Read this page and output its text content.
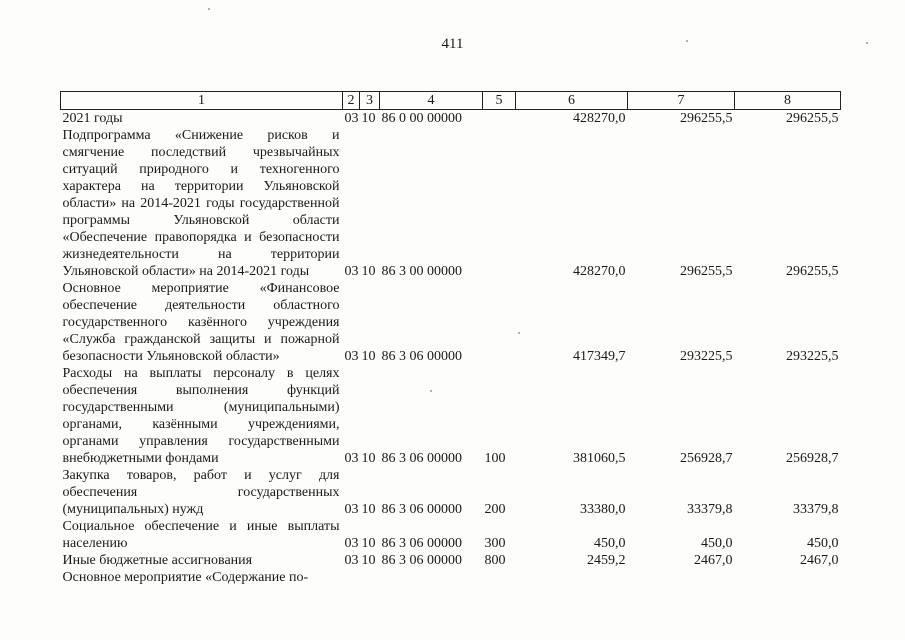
411
1	2	3	4	5	6	7	8
2021 годы	03	10	86 0 00 00000		428270,0	296255,5	296255,5
Подпрограмма «Снижение рисков и смягчение последствий чрезвычайных ситуаций природного и техногенного характера на территории Ульяновской области» на 2014-2021 годы государственной программы Ульяновской области «Обеспечение правопорядка и безопасности жизнедеятельности на территории Ульяновской области» на 2014-2021 годы	03	10	86 3 00 00000		428270,0	296255,5	296255,5
Основное мероприятие «Финансовое обеспечение деятельности областного государственного казённого учреждения «Служба гражданской защиты и пожарной безопасности Ульяновской области»	03	10	86 3 06 00000		417349,7	293225,5	293225,5
Расходы на выплаты персоналу в целях обеспечения выполнения функций государственными (муниципальными) органами, казёнными учреждениями, органами управления государственными внебюджетными фондами	03	10	86 3 06 00000	100	381060,5	256928,7	256928,7
Закупка товаров, работ и услуг для обеспечения государственных (муниципальных) нужд	03	10	86 3 06 00000	200	33380,0	33379,8	33379,8
Социальное обеспечение и иные выплаты населению	03	10	86 3 06 00000	300	450,0	450,0	450,0
Иные бюджетные ассигнования	03	10	86 3 06 00000	800	2459,2	2467,0	2467,0
Основное мероприятие «Содержание по-							
